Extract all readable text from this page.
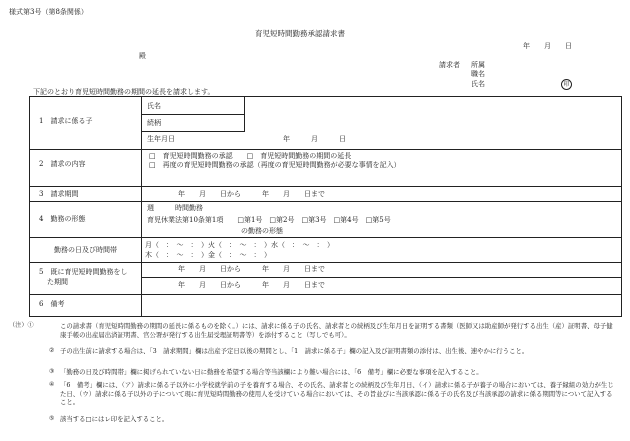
様式第3号（第8条関係）
育児短時間勤務承認請求書
年　　月　　日
殿
請求者 所属
職名
氏名	印
下記のとおり育児短時間勤務の期間の延長を請求します。
1　請求に係る子
氏名
続柄
生年月日	年　　　月　　　日
2　請求の内容
□　育児短時間勤務の承認　　□　育児短時間勤務の期間の延長
□　再度の育児短時間勤務の承認（再度の育児短時間勤務が必要な事情を記入）
3　請求期間	年　　月　　日から　　　年　　月　　日まで
4　勤務の形態
週　　　時間勤務
育児休業法第10条第1項　　□第1号　□第2号　□第3号　□第4号　□第5号
の勤務の形態
勤務の日及び時間帯
月（　：　～　：　）火（　：　～　：　）水（　：　～　：　）
木（　：　～　：　）金（　：　～　：　）
5　既に育児短時間勤務をし
た期間
年　　月　　日から　　　年　　月　　日まで
年　　月　　日から　　　年　　月　　日まで
6　備考
（注）①	この請求書（育児短時間勤務の期間の延長に係るものを除く。）には、請求に係る子の氏名、請求者との続柄及び生年月日を証明する書類（医師又は助産師が発行する出生（産）証明書、母子健康手帳の出産届出済証明書、官公署が発行する出生届受理証明書等）を添付すること（写しでも可）。
② 子の出生前に請求する場合は、「3　請求期間」欄は出産予定日以後の期間とし、「1　請求に係る子」欄の記入及び証明書類の添付は、出生後、速やかに行うこと。
③ 「勤務の日及び時間帯」欄に掲げられていない日に勤務を希望する場合等当該欄により難い場合には、「6　備考」欄に必要な事項を記入すること。
④ 「6　備考」欄には、（ア）請求に係る子以外に小学校就学前の子を養育する場合、その氏名、請求者との続柄及び生年月日、（イ）請求に係る子が養子の場合においては、養子縁組の効力が生じた日、（ウ）請求に係る子以外の子について現に育児短時間勤務の使用人を受けている場合においては、その旨並びに当該承認に係る子の氏名及び当該承認の請求に係る期間等について記入すること。
⑤ 該当する□にはレ印を記入すること。
